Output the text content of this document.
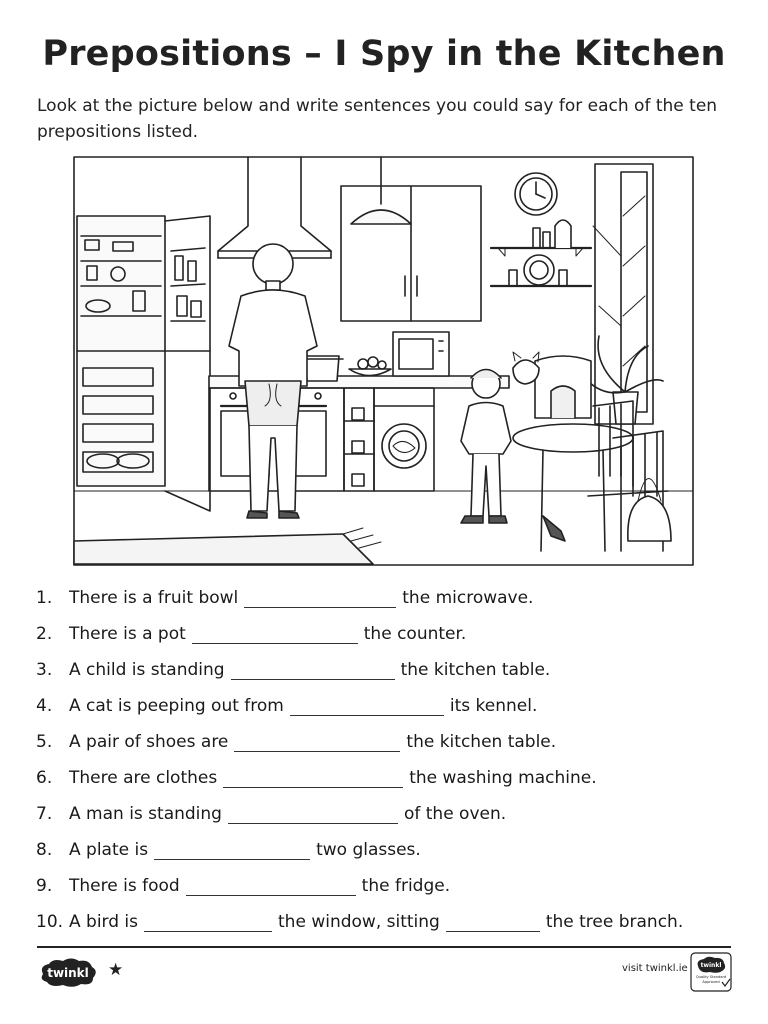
Prepositions – I Spy in the Kitchen
Look at the picture below and write sentences you could say for each of the ten prepositions listed.
1. There is a fruit bowl	the microwave.
2. There is a pot	the counter.
3. A child is standing	the kitchen table.
4. A cat is peeping out from	its kennel.
5. A pair of shoes are	the kitchen table.
6. There are clothes	the washing machine.
7. A man is standing	of the oven.
8. A plate is	two glasses.
9. There is food	the fridge.
10. A bird is	the window, sitting	the tree branch.
twinkl ★	visit twinkl.ie twinkl
Quality Standard Approved
